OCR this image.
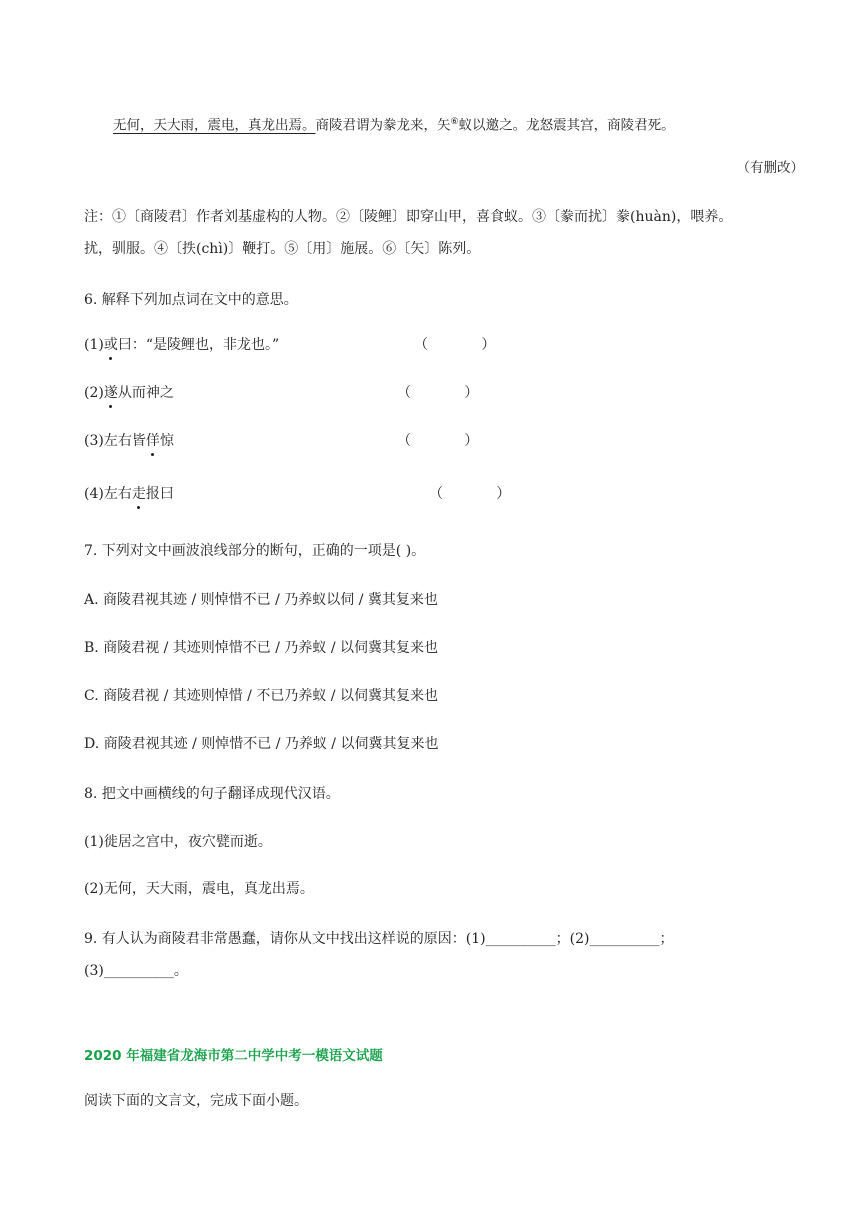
无何，天大雨，震电，真龙出焉。商陵君谓为豢龙来，矢⑥蚁以邀之。龙怒震其宫，商陵君死。
（有删改）
注：①〔商陵君〕作者刘基虚构的人物。②〔陵鲤〕即穿山甲，喜食蚁。③〔豢而扰〕豢(huàn)，喂养。
扰，驯服。④〔抶(chì)〕鞭打。⑤〔用〕施展。⑥〔矢〕陈列。
6. 解释下列加点词在文中的意思。
(1)或曰：“是陵鲤也，非龙也。”	（            ）
(2)遂从而神之	（            ）
(3)左右皆佯惊	（            ）
(4)左右走报曰	（            ）
7. 下列对文中画波浪线部分的断句，正确的一项是( )。
A. 商陵君视其迹 / 则悼惜不已 / 乃养蚁以伺 / 冀其复来也
B. 商陵君视 / 其迹则悼惜不已 / 乃养蚁 / 以伺冀其复来也
C. 商陵君视 / 其迹则悼惜 / 不已乃养蚁 / 以伺冀其复来也
D. 商陵君视其迹 / 则悼惜不已 / 乃养蚁 / 以伺冀其复来也
8. 把文中画横线的句子翻译成现代汉语。
(1)徙居之宫中，夜穴甓而逝。
(2)无何，天大雨，震电，真龙出焉。
9. 有人认为商陵君非常愚蠢，请你从文中找出这样说的原因：(1)__________；(2)__________；
(3)__________。
2020 年福建省龙海市第二中学中考一模语文试题
阅读下面的文言文，完成下面小题。
